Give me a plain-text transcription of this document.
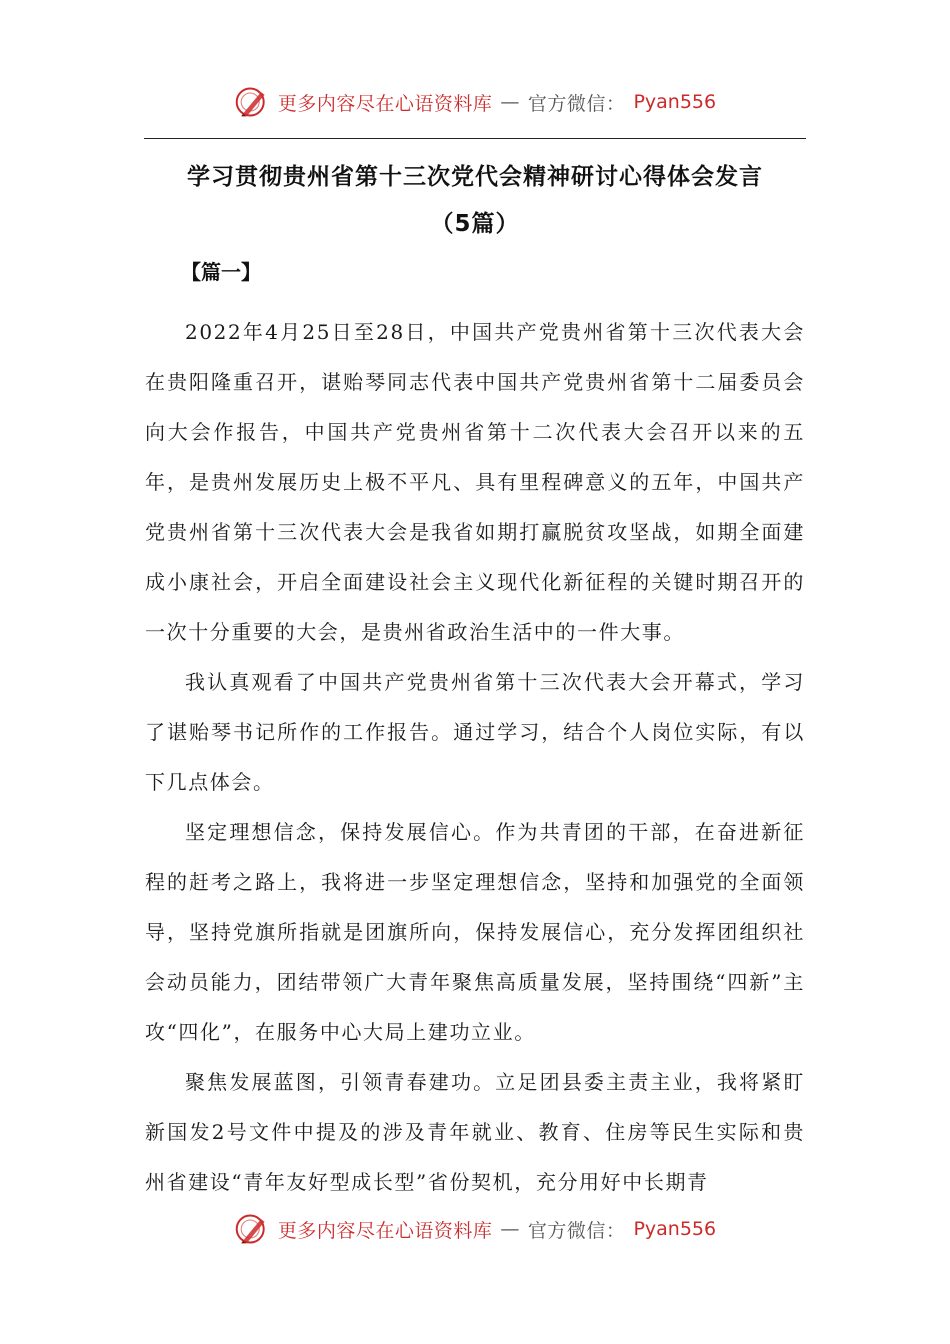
更多内容尽在心语资料库 — 官方微信： Pyan556
学习贯彻贵州省第十三次党代会精神研讨心得体会发言
（5篇）
【篇一】

2022年4月25日至28日，中国共产党贵州省第十三次代表大会在贵阳隆重召开，谌贻琴同志代表中国共产党贵州省第十二届委员会向大会作报告，中国共产党贵州省第十二次代表大会召开以来的五年，是贵州发展历史上极不平凡、具有里程碑意义的五年，中国共产党贵州省第十三次代表大会是我省如期打赢脱贫攻坚战，如期全面建成小康社会，开启全面建设社会主义现代化新征程的关键时期召开的一次十分重要的大会，是贵州省政治生活中的一件大事。

我认真观看了中国共产党贵州省第十三次代表大会开幕式，学习了谌贻琴书记所作的工作报告。通过学习，结合个人岗位实际，有以下几点体会。

坚定理想信念，保持发展信心。作为共青团的干部，在奋进新征程的赶考之路上，我将进一步坚定理想信念，坚持和加强党的全面领导，坚持党旗所指就是团旗所向，保持发展信心，充分发挥团组织社会动员能力，团结带领广大青年聚焦高质量发展，坚持围绕“四新”主攻“四化”，在服务中心大局上建功立业。

聚焦发展蓝图，引领青春建功。立足团县委主责主业，我将紧盯新国发2号文件中提及的涉及青年就业、教育、住房等民生实际和贵州省建设“青年友好型成长型”省份契机，充分用好中长期青

更多内容尽在心语资料库 — 官方微信： Pyan556
